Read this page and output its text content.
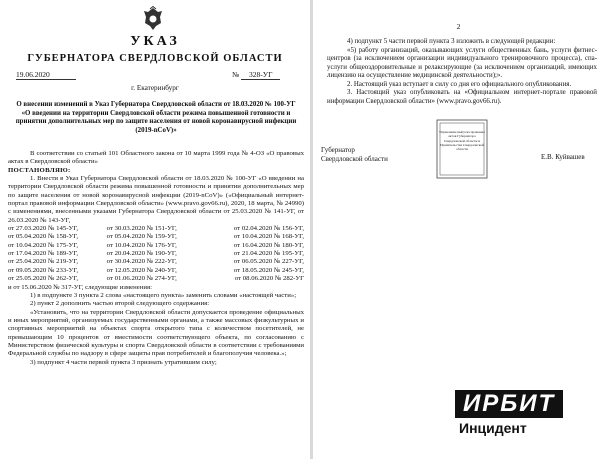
УКАЗ
ГУБЕРНАТОРА СВЕРДЛОВСКОЙ ОБЛАСТИ
19.06.2020	№ 328-УГ
г. Екатеринбург
О внесении изменений в Указ Губернатора Свердловской области от 18.03.2020 № 100-УГ «О введении на территории Свердловской области режима повышенной готовности и принятии дополнительных мер по защите населения от новой коронавирусной инфекции (2019-nCoV)»

В соответствии со статьей 101 Областного закона от 10 марта 1999 года № 4-ОЗ «О правовых актах в Свердловской области»

ПОСТАНОВЛЯЮ:

1. Внести в Указ Губернатора Свердловской области от 18.03.2020 № 100-УГ «О введении на территории Свердловской области режима повышенной готовности и принятии дополнительных мер по защите населения от новой коронавирусной инфекции (2019-nCoV)» («Официальный интернет-портал правовой информации Свердловской области» (www.pravo.gov66.ru), 2020, 18 марта, № 24990) с изменениями, внесенными указами Губернатора Свердловской области от 25.03.2020 № 141-УГ, от 26.03.2020 № 143-УГ,

от 27.03.2020 № 145-УГ,	от 30.03.2020 № 151-УГ,	от 02.04.2020 № 156-УГ,
от 05.04.2020 № 158-УГ,	от 05.04.2020 № 159-УГ,	от 10.04.2020 № 168-УГ,
от 10.04.2020 № 175-УГ,	от 10.04.2020 № 176-УГ,	от 16.04.2020 № 180-УГ,
от 17.04.2020 № 189-УГ,	от 20.04.2020 № 190-УГ,	от 21.04.2020 № 195-УГ,
от 25.04.2020 № 219-УГ,	от 30.04.2020 № 222-УГ,	от 06.05.2020 № 227-УГ,
от 09.05.2020 № 233-УГ,	от 12.05.2020 № 240-УГ,	от 18.05.2020 № 245-УГ,
от 25.05.2020 № 262-УГ,	от 01.06.2020 № 274-УГ,	от 08.06.2020 № 282-УГ

и от 15.06.2020 № 317-УГ, следующие изменения:

1) в подпункте 3 пункта 2 слова «настоящего пункта» заменить словами «настоящей части»;

2) пункт 2 дополнить частью второй следующего содержания:

«Установить, что на территории Свердловской области допускается проведение официальных и иных мероприятий, организуемых государственными органами, а также массовых физкультурных и спортивных мероприятий на объектах спорта открытого типа с количеством посетителей, не превышающим 10 процентов от вместимости соответствующего объекта, по согласованию с Министерством физической культуры и спорта Свердловской области в соответствии с требованиями Федеральной службы по надзору в сфере защиты прав потребителей и благополучия человека.»;

3) подпункт 4 части первой пункта 3 признать утратившим силу;

2

4) подпункт 5 части первой пункта 3 изложить в следующей редакции:

«5) работу организаций, оказывающих услуги общественных бань, услуги фитнес-центров (за исключением организации индивидуального тренировочного процесса), спа-услуги общеоздоровительные и релаксирующие (за исключением организаций, имеющих лицензию на осуществление медицинской деятельности);».

2. Настоящий указ вступает в силу со дня его официального опубликования.

3. Настоящий указ опубликовать на «Официальном интернет-портале правовой информации Свердловской области» (www.pravo.gov66.ru).

Управление выпуска правовых актов Губернатора Свердловской области и Правительства Свердловской области
Губернатор
Свердловской области	Е.В. Куйвашев
ИРБИТ
Инцидент
